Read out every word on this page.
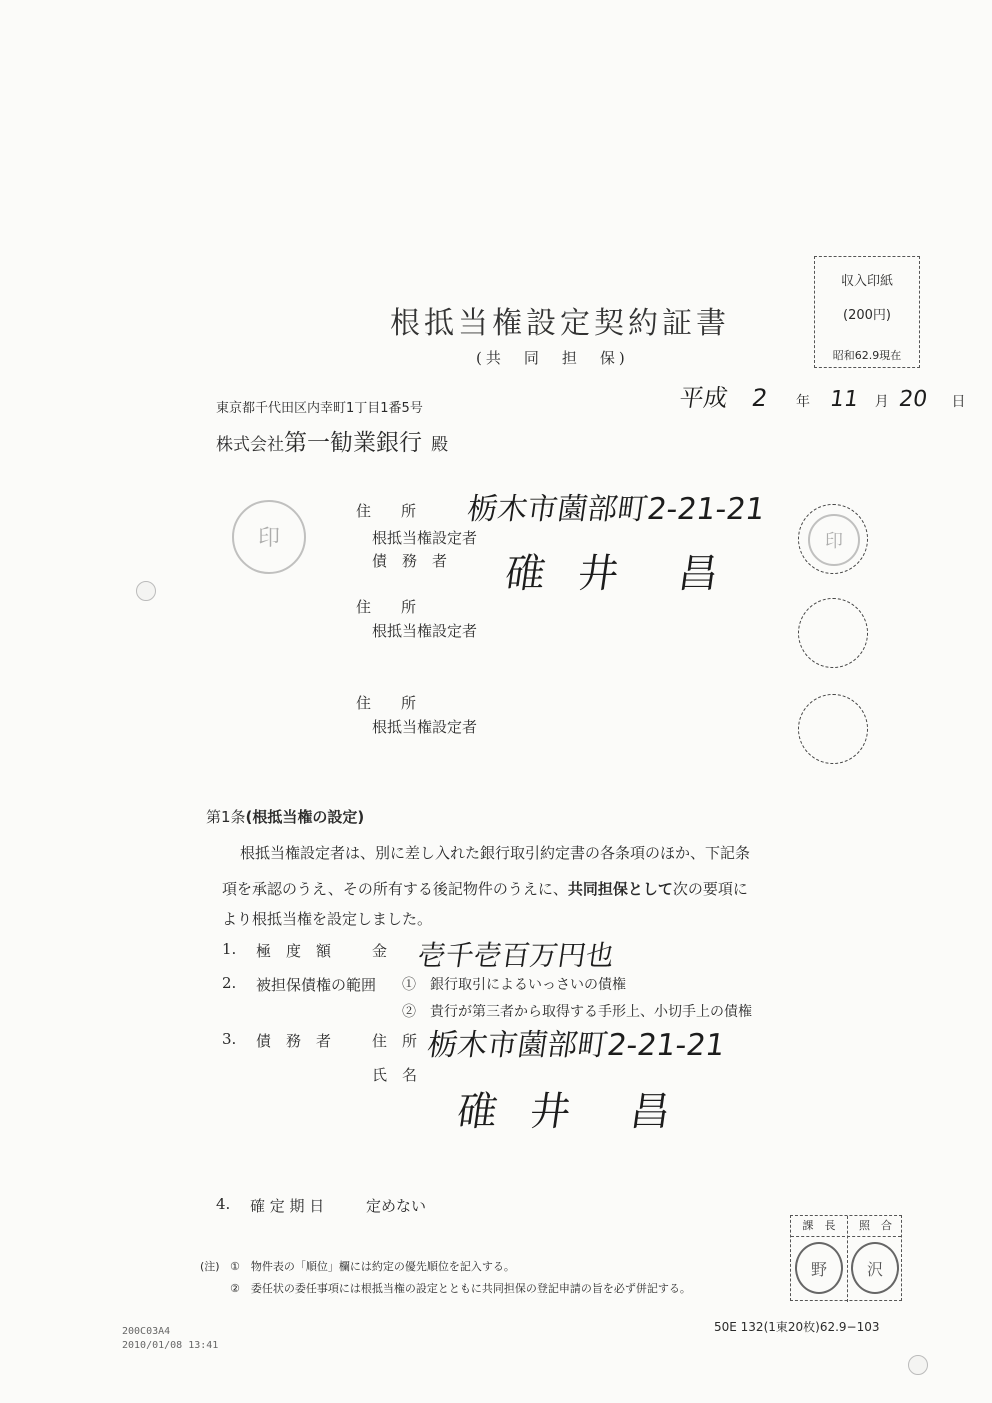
収入印紙
(200円)
昭和62.9現在
根抵当権設定契約証書
(共　同　担　保)
平成 2 年 11 月 20 日
東京都千代田区内幸町1丁目1番5号
株式会社第一勧業銀行 殿
印
住　　所 栃木市薗部町2-21-21
根抵当権設定者
債　務　者 碓 井　昌
印
住　　所
根抵当権設定者
住　　所
根抵当権設定者
第1条(根抵当権の設定)
根抵当権設定者は、別に差し入れた銀行取引約定書の各条項のほか、下記条
項を承認のうえ、その所有する後記物件のうえに、共同担保として次の要項に
より根抵当権を設定しました。
1. 極　度　額	金 壱千壱百万円也
2. 被担保債権の範囲 ①　銀行取引によるいっさいの債権
②　貴行が第三者から取得する手形上、小切手上の債権
3. 債　務　者	住　所 栃木市薗部町2-21-21
氏　名
碓 井　昌
4. 確 定 期 日	定めない
課　長	照　合
野	沢
(注) ①　物件表の「順位」欄には約定の優先順位を記入する。
②　委任状の委任事項には根抵当権の設定とともに共同担保の登記申請の旨を必ず併記する。
50E 132(1東20枚)62.9−103
200C03A4
2010/01/08 13:41
